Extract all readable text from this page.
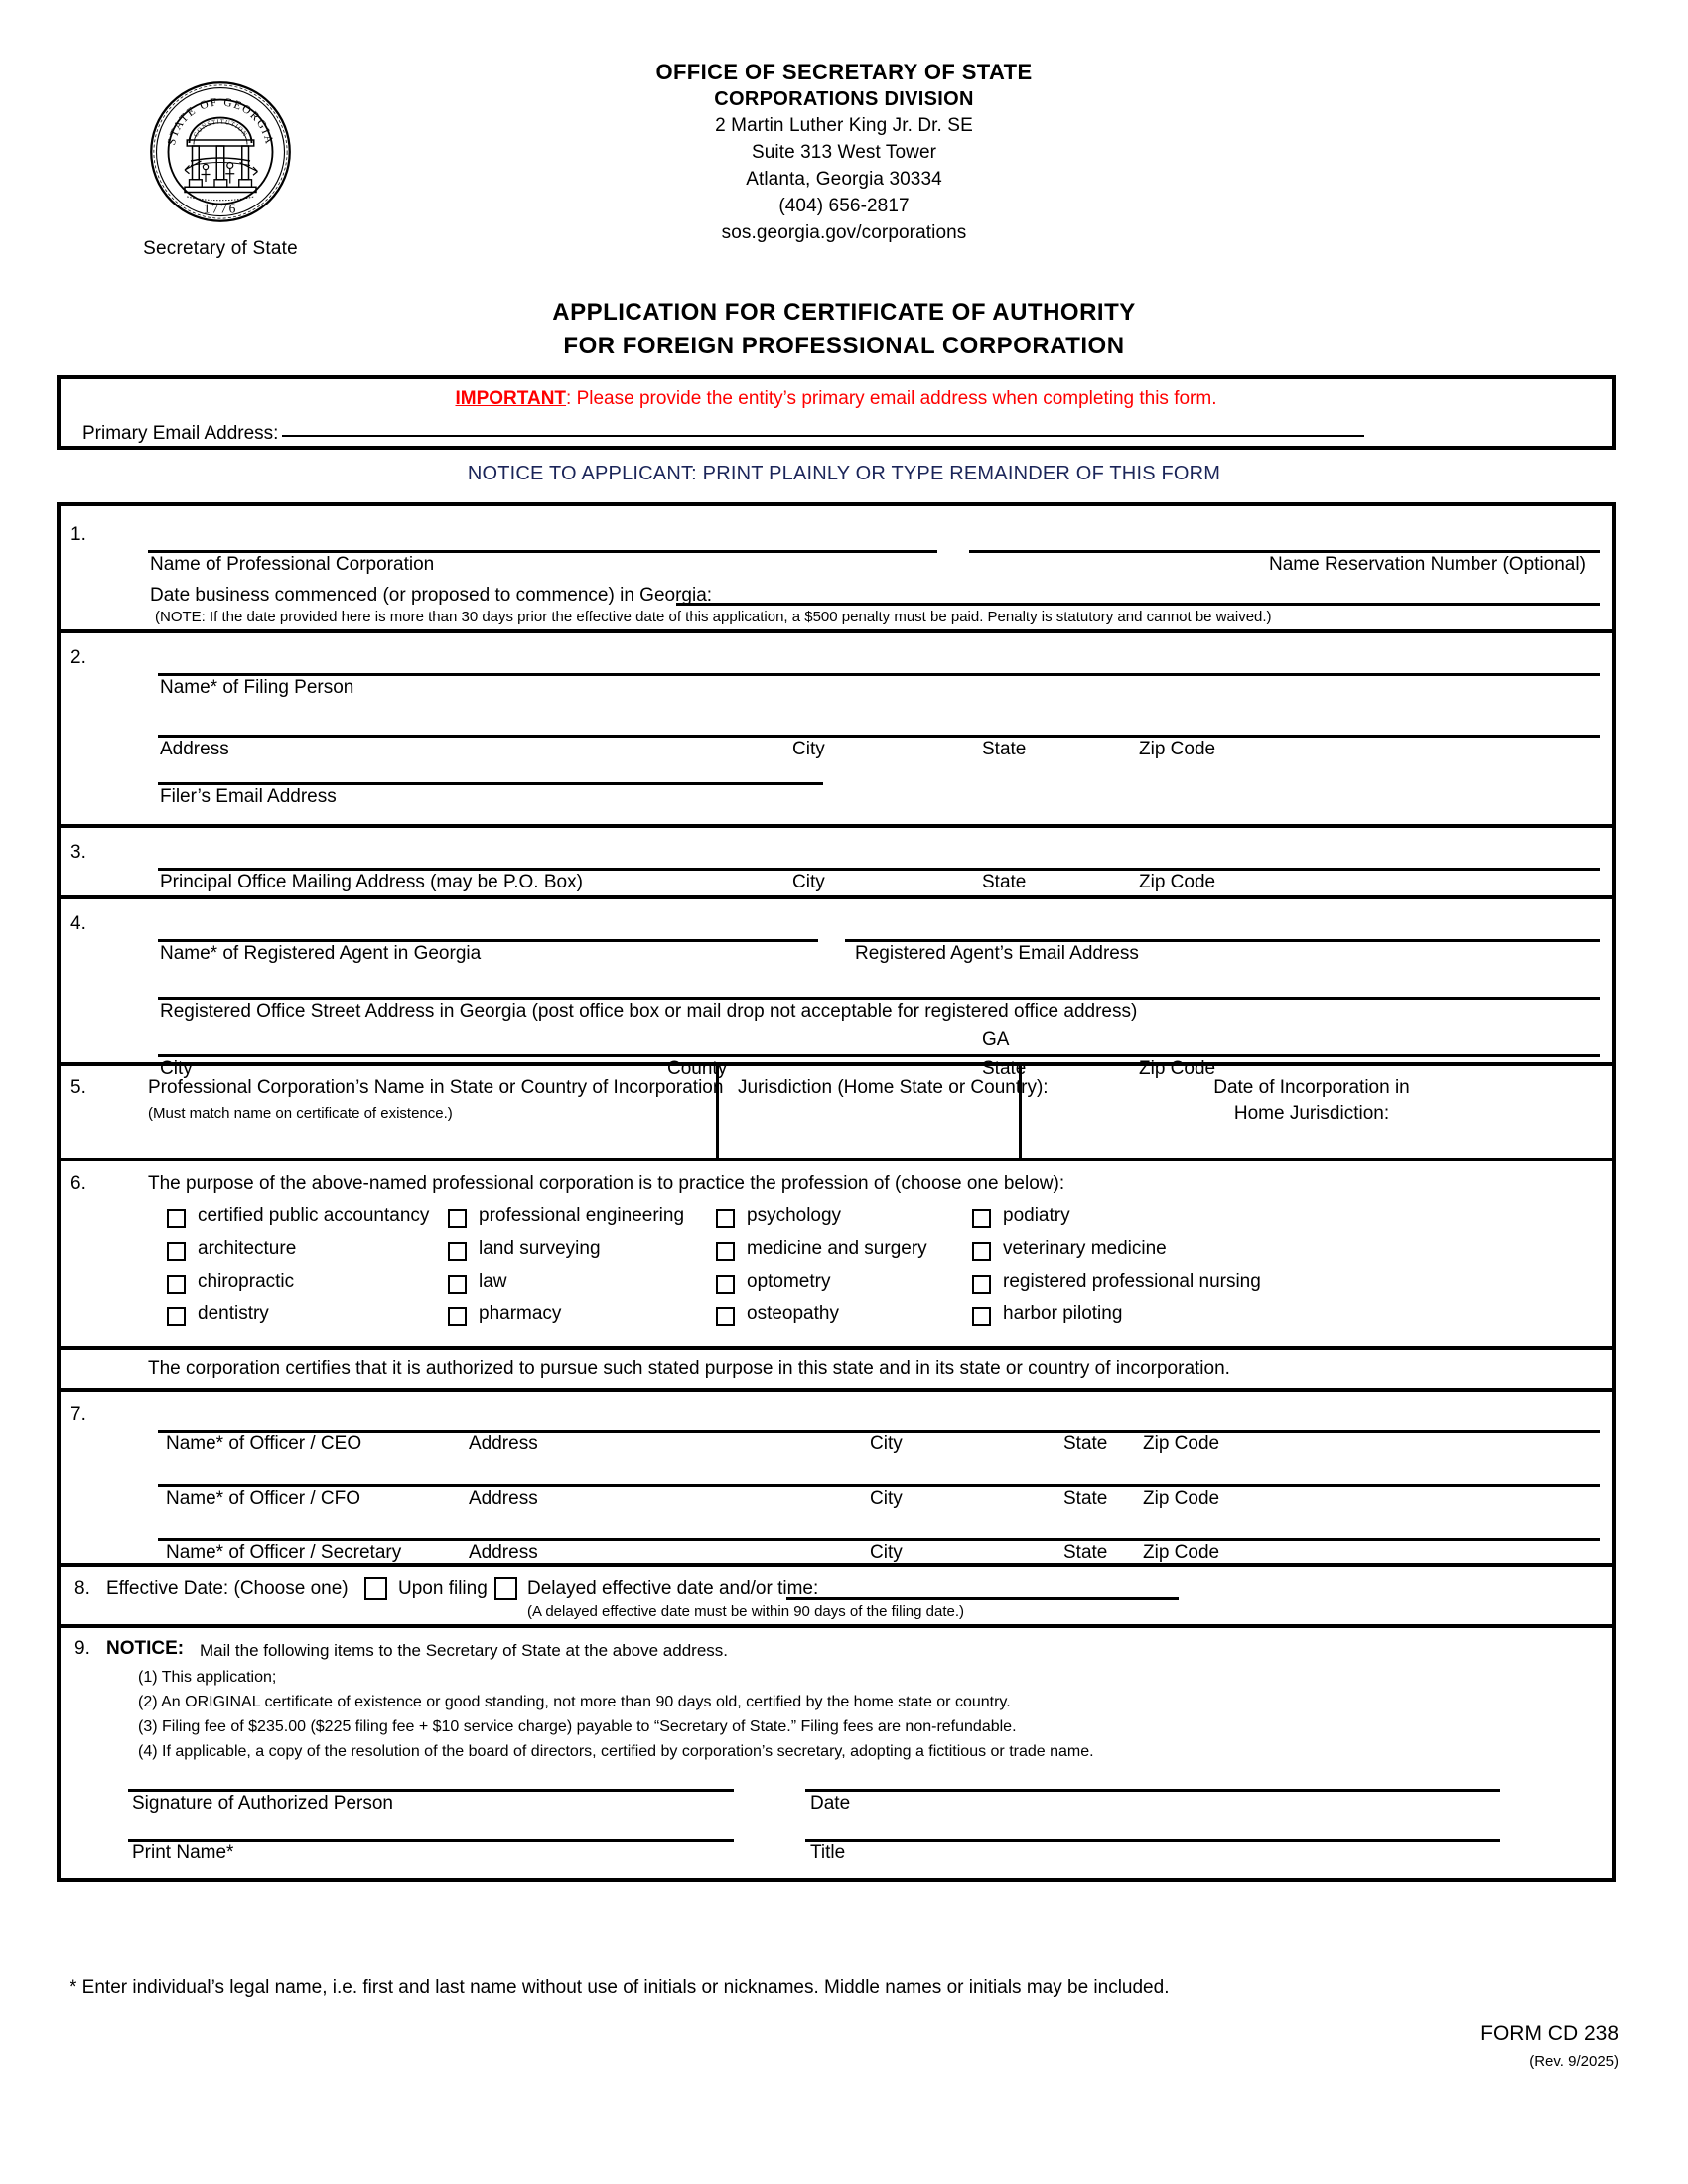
STATE OF GEORGIA
CONSTITUTION
1776
Secretary of State
OFFICE OF SECRETARY OF STATE
CORPORATIONS DIVISION
2 Martin Luther King Jr. Dr. SE
Suite 313 West Tower
Atlanta, Georgia 30334
(404) 656-2817
sos.georgia.gov/corporations
APPLICATION FOR CERTIFICATE OF AUTHORITY
FOR FOREIGN PROFESSIONAL CORPORATION
IMPORTANT: Please provide the entity’s primary email address when completing this form.
Primary Email Address:
NOTICE TO APPLICANT: PRINT PLAINLY OR TYPE REMAINDER OF THIS FORM
1.
Name of Professional Corporation	Name Reservation Number (Optional)
Date business commenced (or proposed to commence) in Georgia:
(NOTE: If the date provided here is more than 30 days prior the effective date of this application, a $500 penalty must be paid. Penalty is statutory and cannot be waived.)
2.
Name* of Filing Person
Address	City	State	Zip Code
Filer’s Email Address
3.
Principal Office Mailing Address (may be P.O. Box)	City	State	Zip Code
4.
Name* of Registered Agent in Georgia	Registered Agent’s Email Address
Registered Office Street Address in Georgia (post office box or mail drop not acceptable for registered office address)
GA
City	County	State	Zip Code
5.	Professional Corporation’s Name in State or Country of Incorporation
(Must match name on certificate of existence.)
Jurisdiction (Home State or Country):	Date of Incorporation in
Home Jurisdiction:
6.	The purpose of the above-named professional corporation is to practice the profession of (choose one below):
certified public accountancy	professional engineering	psychology	podiatry
architecture	land surveying	medicine and surgery	veterinary medicine
chiropractic	law	optometry	registered professional nursing
dentistry	pharmacy	osteopathy	harbor piloting
The corporation certifies that it is authorized to pursue such stated purpose in this state and in its state or country of incorporation.
7.
Name* of Officer / CEO	Address	City	State Zip Code
Name* of Officer / CFO	Address	City	State Zip Code
Name* of Officer / Secretary	Address	City	State Zip Code
8. Effective Date: (Choose one)	Upon filing Delayed effective date and/or time:
(A delayed effective date must be within 90 days of the filing date.)
9. NOTICE: Mail the following items to the Secretary of State at the above address.
(1) This application;
(2) An ORIGINAL certificate of existence or good standing, not more than 90 days old, certified by the home state or country.
(3) Filing fee of $235.00 ($225 filing fee + $10 service charge) payable to “Secretary of State.” Filing fees are non-refundable.
(4) If applicable, a copy of the resolution of the board of directors, certified by corporation’s secretary, adopting a fictitious or trade name.
Signature of Authorized Person	Date
Print Name*	Title
* Enter individual’s legal name, i.e. first and last name without use of initials or nicknames. Middle names or initials may be included.
FORM CD 238
(Rev. 9/2025)
